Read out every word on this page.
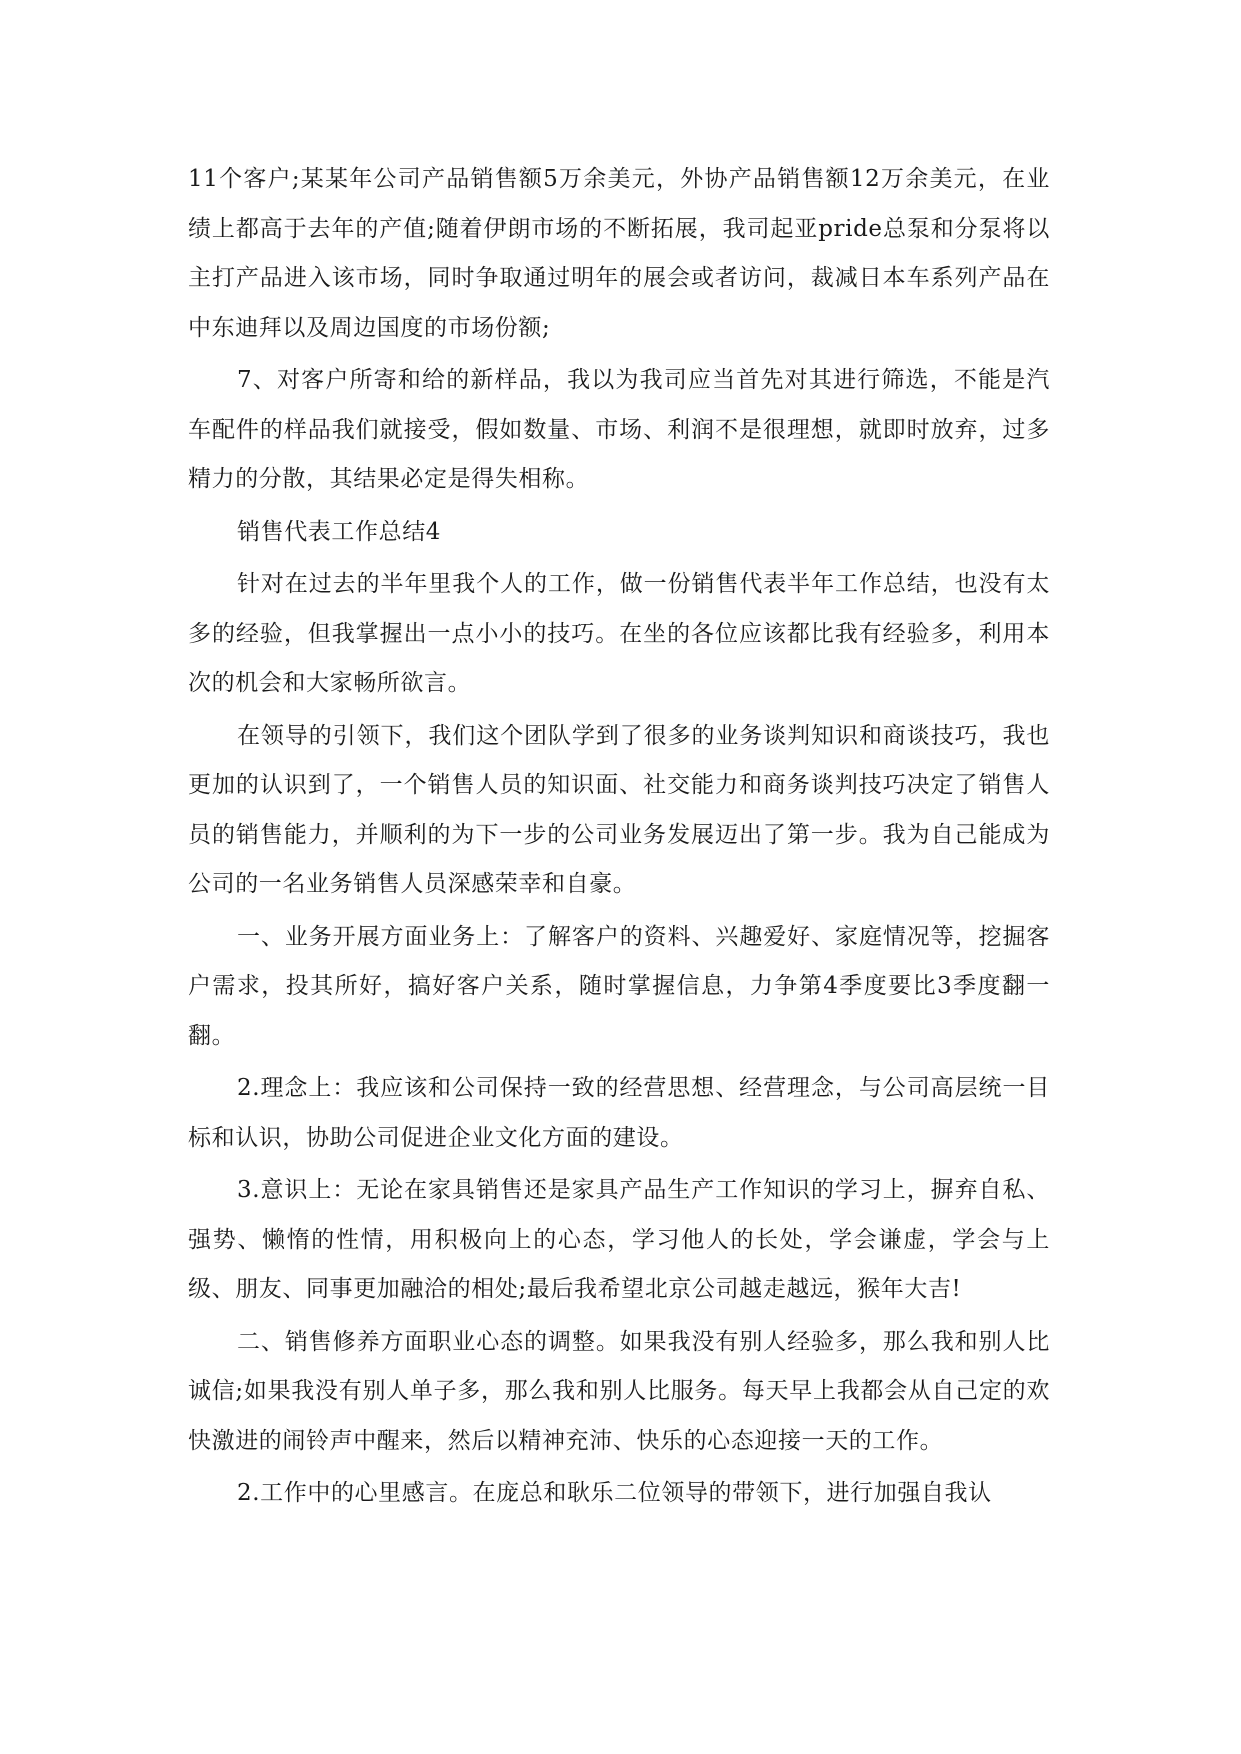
11个客户;某某年公司产品销售额5万余美元，外协产品销售额12万余美元，在业绩上都高于去年的产值;随着伊朗市场的不断拓展，我司起亚pride总泵和分泵将以主打产品进入该市场，同时争取通过明年的展会或者访问，裁减日本车系列产品在中东迪拜以及周边国度的市场份额;

7、对客户所寄和给的新样品，我以为我司应当首先对其进行筛选，不能是汽车配件的样品我们就接受，假如数量、市场、利润不是很理想，就即时放弃，过多精力的分散，其结果必定是得失相称。

销售代表工作总结4

针对在过去的半年里我个人的工作，做一份销售代表半年工作总结，也没有太多的经验，但我掌握出一点小小的技巧。在坐的各位应该都比我有经验多，利用本次的机会和大家畅所欲言。

在领导的引领下，我们这个团队学到了很多的业务谈判知识和商谈技巧，我也更加的认识到了，一个销售人员的知识面、社交能力和商务谈判技巧决定了销售人员的销售能力，并顺利的为下一步的公司业务发展迈出了第一步。我为自己能成为公司的一名业务销售人员深感荣幸和自豪。

一、业务开展方面业务上：了解客户的资料、兴趣爱好、家庭情况等，挖掘客户需求，投其所好，搞好客户关系，随时掌握信息，力争第4季度要比3季度翻一翻。

2.理念上：我应该和公司保持一致的经营思想、经营理念，与公司高层统一目标和认识，协助公司促进企业文化方面的建设。

3.意识上：无论在家具销售还是家具产品生产工作知识的学习上，摒弃自私、强势、懒惰的性情，用积极向上的心态，学习他人的长处，学会谦虚，学会与上级、朋友、同事更加融洽的相处;最后我希望北京公司越走越远，猴年大吉!

二、销售修养方面职业心态的调整。如果我没有别人经验多，那么我和别人比诚信;如果我没有别人单子多，那么我和别人比服务。每天早上我都会从自己定的欢快激进的闹铃声中醒来，然后以精神充沛、快乐的心态迎接一天的工作。

2.工作中的心里感言。在庞总和耿乐二位领导的带领下，进行加强自我认
